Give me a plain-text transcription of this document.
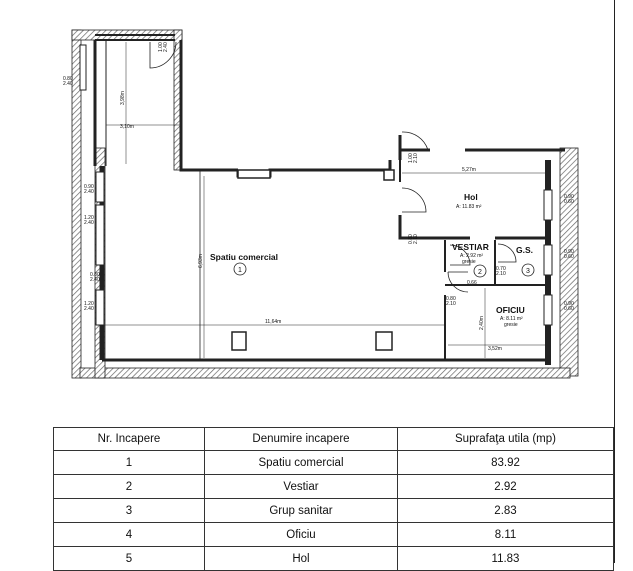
3,10m
11,64m
5,27m
3,52m
3,98m
6,93m
0,66
2,40m
0.80
2.40
0.90
2.40
1.20
2.40
0.80
2.40
1.20
2.40
0.90
0.60
0.90
0.60
0.90
0.60
1.00 2.40
1.00 2.10
0.80 2.10
0.80
2.10
0.70
2.10
Spatiu comercial
1
VESTIAR
A: 2.92 m²
gresie
2
G.S.
3
OFICIU
A: 8.11 m²
gresie
Hol
A: 11.83 m²
Nr. Incapere	Denumire incapere	Suprafaţa utila (mp)
1	Spatiu comercial	83.92
2	Vestiar	2.92
3	Grup sanitar	2.83
4	Oficiu	8.11
5	Hol	11.83
